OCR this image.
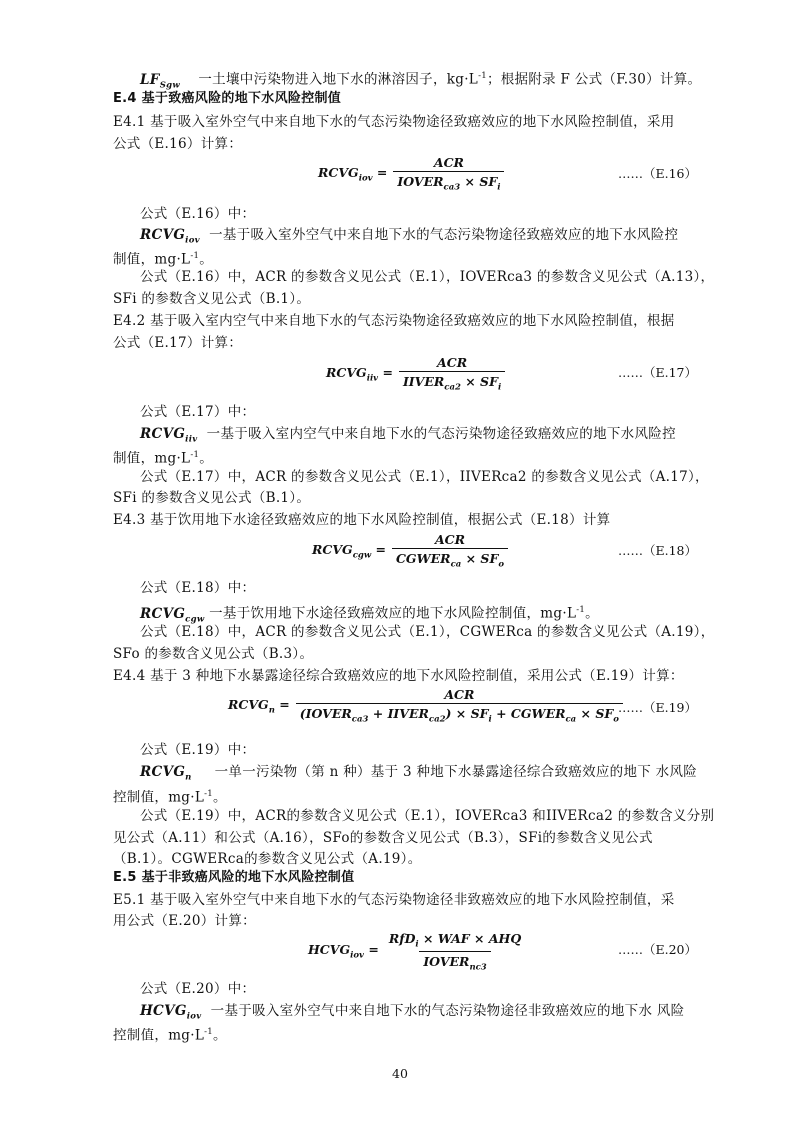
$LF_{Sgw}$ 一土壤中污染物进入地下水的淋溶因子，$kg\cdot L^{-1}$；根据附录 F 公式（F.30）计算。
E.4 基于致癌风险的地下水风险控制值
E4.1 基于吸入室外空气中来自地下水的气态污染物途径致癌效应的地下水风险控制值，采用
公式（E.16）计算：
$RCVG_{iov} = \frac{\text{ACR}}{IOVER_{ca3} \times SF_i}$	……（E.16）
公式（E.16）中：
$RCVG_{iov}$ 一基于吸入室外空气中来自地下水的气态污染物途径致癌效应的地下水风险控
制值，$mg\cdot L^{-1}$。
公式（E.16）中，ACR 的参数含义见公式（E.1），IOVERca3 的参数含义见公式（A.13），
SFi 的参数含义见公式（B.1）。
E4.2 基于吸入室内空气中来自地下水的气态污染物途径致癌效应的地下水风险控制值，根据
公式（E.17）计算：
$RCVG_{iiv} = \frac{\text{ACR}}{IIVER_{ca2} \times SF_i}$	……（E.17）
公式（E.17）中：
$RCVG_{iiv}$ 一基于吸入室内空气中来自地下水的气态污染物途径致癌效应的地下水风险控
制值，$mg\cdot L^{-1}$。
公式（E.17）中，ACR 的参数含义见公式（E.1），IIVERca2 的参数含义见公式（A.17），
SFi 的参数含义见公式（B.1）。
E4.3 基于饮用地下水途径致癌效应的地下水风险控制值，根据公式（E.18）计算
$RCVG_{cgw} = \frac{\text{ACR}}{CGWER_{ca} \times SF_o}$	……（E.18）
公式（E.18）中：
$RCVG_{cgw}$ 一基于饮用地下水途径致癌效应的地下水风险控制值，$mg\cdot L^{-1}$。
公式（E.18）中，ACR 的参数含义见公式（E.1），CGWERca 的参数含义见公式（A.19），
SFo 的参数含义见公式（B.3）。
E4.4 基于 3 种地下水暴露途径综合致癌效应的地下水风险控制值，采用公式（E.19）计算：
$RCVG_n = \frac{\text{ACR}}{(IOVER_{ca3} + IIVER_{ca2}) \times SF_i + CGWER_{ca} \times SF_o}$
……（E.19）
公式（E.19）中：
$RCVG_n$ 一单一污染物（第 n 种）基于 3 种地下水暴露途径综合致癌效应的地下 水风险
控制值，$mg\cdot L^{-1}$。
公式（E.19）中，ACR的参数含义见公式（E.1），IOVERca3 和IIVERca2 的参数含义分别
见公式（A.11）和公式（A.16），SFo的参数含义见公式（B.3），SFi的参数含义见公式
（B.1）。CGWERca的参数含义见公式（A.19）。
E.5 基于非致癌风险的地下水风险控制值
E5.1 基于吸入室外空气中来自地下水的气态污染物途径非致癌效应的地下水风险控制值，采
用公式（E.20）计算：
$HCVG_{iov} = \frac{RfD_i \times WAF \times AHQ}{IOVER_{nc3}}$	……（E.20）
公式（E.20）中：
$HCVG_{iov}$ 一基于吸入室外空气中来自地下水的气态污染物途径非致癌效应的地下水 风险
控制值，$mg\cdot L^{-1}$。
40
